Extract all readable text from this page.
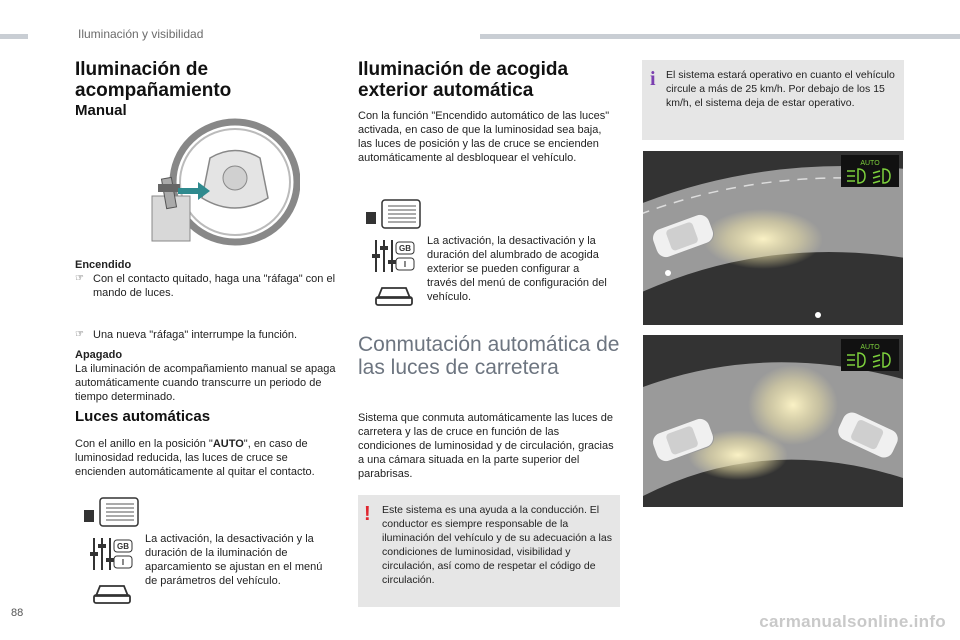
Iluminación y visibilidad
Iluminación de acompañamiento
Manual
Encendido
☞ Con el contacto quitado, haga una "ráfaga" con el mando de luces.
☞ Una nueva "ráfaga" interrumpe la función.
Apagado
La iluminación de acompañamiento manual se apaga automáticamente cuando transcurre un periodo de tiempo determinado.
Luces automáticas
Con el anillo en la posición "AUTO", en caso de luminosidad reducida, las luces de cruce se encienden automáticamente al quitar el contacto.
GB
I
La activación, la desactivación y la duración de la iluminación de aparcamiento se ajustan en el menú de parámetros del vehículo.
Iluminación de acogida exterior automática
Con la función "Encendido automático de las luces" activada, en caso de que la luminosidad sea baja, las luces de posición y las de cruce se encienden automáticamente al desbloquear el vehículo.
GB
I
La activación, la desactivación y la duración del alumbrado de acogida exterior se pueden configurar a través del menú de configuración del vehículo.
Conmutación automática de las luces de carretera
Sistema que conmuta automáticamente las luces de carretera y las de cruce en función de las condiciones de luminosidad y de circulación, gracias a una cámara situada en la parte superior del parabrisas.
!	Este sistema es una ayuda a la conducción. El conductor es siempre responsable de la iluminación del vehículo y de su adecuación a las condiciones de luminosidad, visibilidad y circulación, así como de respetar el código de circulación.
i El sistema estará operativo en cuanto el vehículo circule a más de 25 km/h. Por debajo de los 15 km/h, el sistema deja de estar operativo.
AUTO
AUTO
88	carmanualsonline.info
